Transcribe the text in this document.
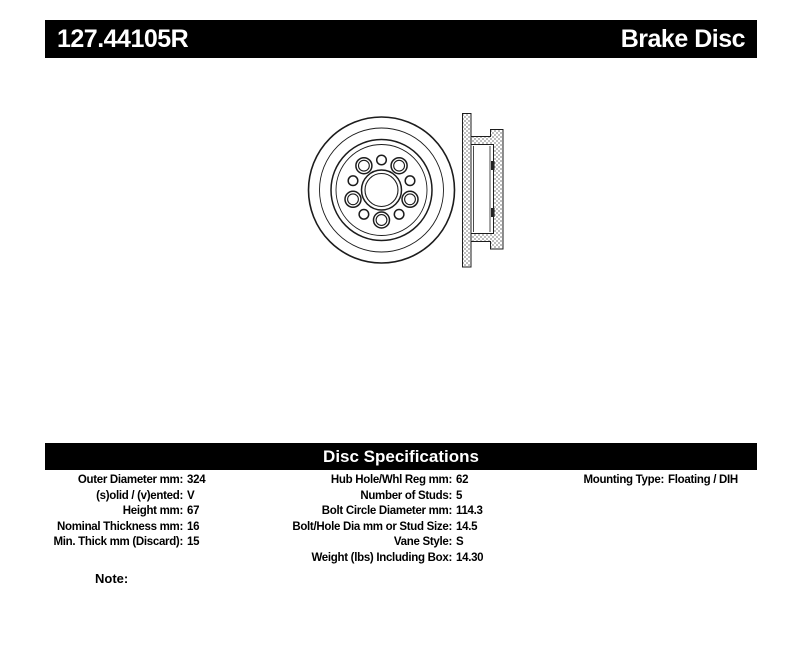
127.44105R	Brake Disc
Disc Specifications
Outer Diameter mm: 324
(s)olid / (v)ented: V
Height mm: 67
Nominal Thickness mm: 16
Min. Thick mm (Discard): 15
Hub Hole/Whl Reg mm: 62
Number of Studs: 5
Bolt Circle Diameter mm: 114.3
Bolt/Hole Dia mm or Stud Size: 14.5
Vane Style: S
Weight (lbs) Including Box: 14.30
Mounting Type: Floating / DIH
Note:
